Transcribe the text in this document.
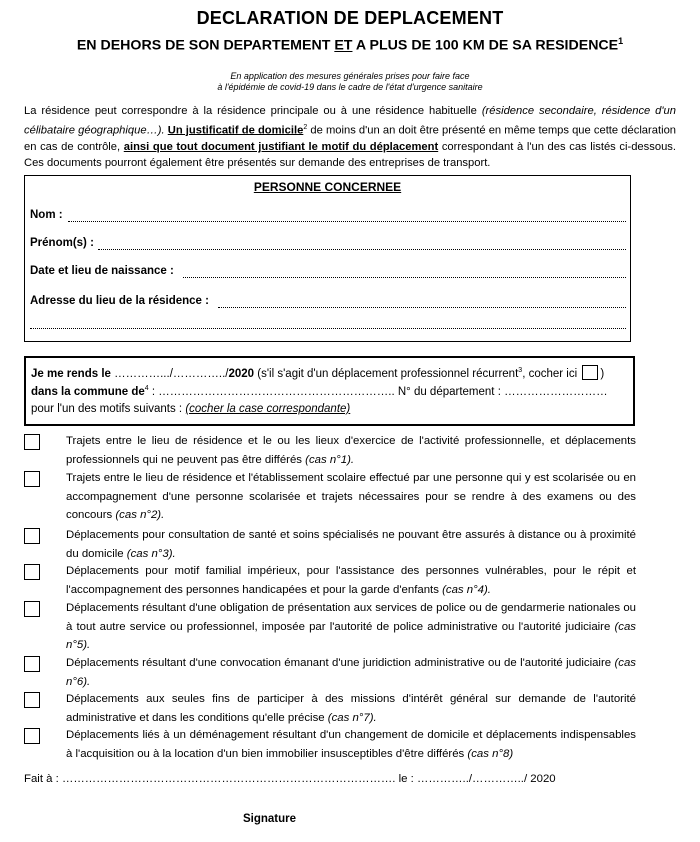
DECLARATION DE DEPLACEMENT
EN DEHORS DE SON DEPARTEMENT ET A PLUS DE 100 KM DE SA RESIDENCE$^1$
En application des mesures générales prises pour faire face
à l'épidémie de covid-19 dans le cadre de l'état d'urgence sanitaire
La résidence peut correspondre à la résidence principale ou à une résidence habituelle (résidence secondaire, résidence d'un célibataire géographique…). Un justificatif de domicile$^2$ de moins d'un an doit être présenté en même temps que cette déclaration en cas de contrôle, ainsi que tout document justifiant le motif du déplacement correspondant à l'un des cas listés ci-dessous. Ces documents pourront également être présentés sur demande des entreprises de transport.
PERSONNE CONCERNEE
Nom :
Prénom(s) :
Date et lieu de naissance :
Adresse du lieu de la résidence :
Je me rends le ………….../…………../2020 (s'il s'agit d'un déplacement professionnel récurrent$^3$, cocher ici )
dans la commune $de^4$ : …………………………………………………….. N° du département : ………………………
pour l'un des motifs suivants : (cocher la case correspondante)
Trajets entre le lieu de résidence et le ou les lieux d'exercice de l'activité professionnelle, et déplacements professionnels qui ne peuvent pas être différés (cas n°1).
Trajets entre le lieu de résidence et l'établissement scolaire effectué par une personne qui y est scolarisée ou en accompagnement d'une personne scolarisée et trajets nécessaires pour se rendre à des examens ou des concours (cas n°2).
Déplacements pour consultation de santé et soins spécialisés ne pouvant être assurés à distance ou à proximité du domicile (cas n°3).
Déplacements pour motif familial impérieux, pour l'assistance des personnes vulnérables, pour le répit et l'accompagnement des personnes handicapées et pour la garde d'enfants (cas n°4).
Déplacements résultant d'une obligation de présentation aux services de police ou de gendarmerie nationales ou à tout autre service ou professionnel, imposée par l'autorité de police administrative ou l'autorité judiciaire (cas n°5).
Déplacements résultant d'une convocation émanant d'une juridiction administrative ou de l'autorité judiciaire (cas n°6).
Déplacements aux seules fins de participer à des missions d'intérêt général sur demande de l'autorité administrative et dans les conditions qu'elle précise (cas n°7).
Déplacements liés à un déménagement résultant d'un changement de domicile et déplacements indispensables à l'acquisition ou à la location d'un bien immobilier insusceptibles d'être différés (cas n°8)
Fait à : ……………………………………………………………………………. le : …………../…………../ 2020
Signature
